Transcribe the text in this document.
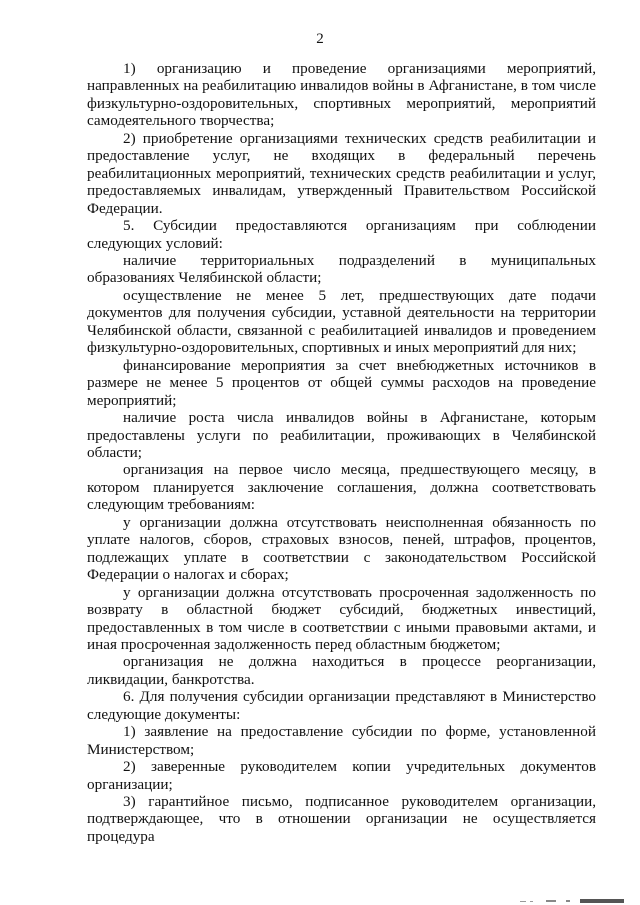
2

1) организацию и проведение организациями мероприятий, направленных на реабилитацию инвалидов войны в Афганистане, в том числе физкультурно-оздоровительных, спортивных мероприятий, мероприятий самодеятельного творчества;

2) приобретение организациями технических средств реабилитации и предоставление услуг, не входящих в федеральный перечень реабилитационных мероприятий, технических средств реабилитации и услуг, предоставляемых инвалидам, утвержденный Правительством Российской Федерации.

5. Субсидии предоставляются организациям при соблюдении следующих условий:

наличие территориальных подразделений в муниципальных образованиях Челябинской области;

осуществление не менее 5 лет, предшествующих дате подачи документов для получения субсидии, уставной деятельности на территории Челябинской области, связанной с реабилитацией инвалидов и проведением физкультурно-оздоровительных, спортивных и иных мероприятий для них;

финансирование мероприятия за счет внебюджетных источников в размере не менее 5 процентов от общей суммы расходов на проведение мероприятий;

наличие роста числа инвалидов войны в Афганистане, которым предоставлены услуги по реабилитации, проживающих в Челябинской области;

организация на первое число месяца, предшествующего месяцу, в котором планируется заключение соглашения, должна соответствовать следующим требованиям:

у организации должна отсутствовать неисполненная обязанность по уплате налогов, сборов, страховых взносов, пеней, штрафов, процентов, подлежащих уплате в соответствии с законодательством Российской Федерации о налогах и сборах;

у организации должна отсутствовать просроченная задолженность по возврату в областной бюджет субсидий, бюджетных инвестиций, предоставленных в том числе в соответствии с иными правовыми актами, и иная просроченная задолженность перед областным бюджетом;

организация не должна находиться в процессе реорганизации, ликвидации, банкротства.

6. Для получения субсидии организации представляют в Министерство следующие документы:

1) заявление на предоставление субсидии по форме, установленной Министерством;

2) заверенные руководителем копии учредительных документов организации;

3) гарантийное письмо, подписанное руководителем организации, подтверждающее, что в отношении организации не осуществляется процедура
